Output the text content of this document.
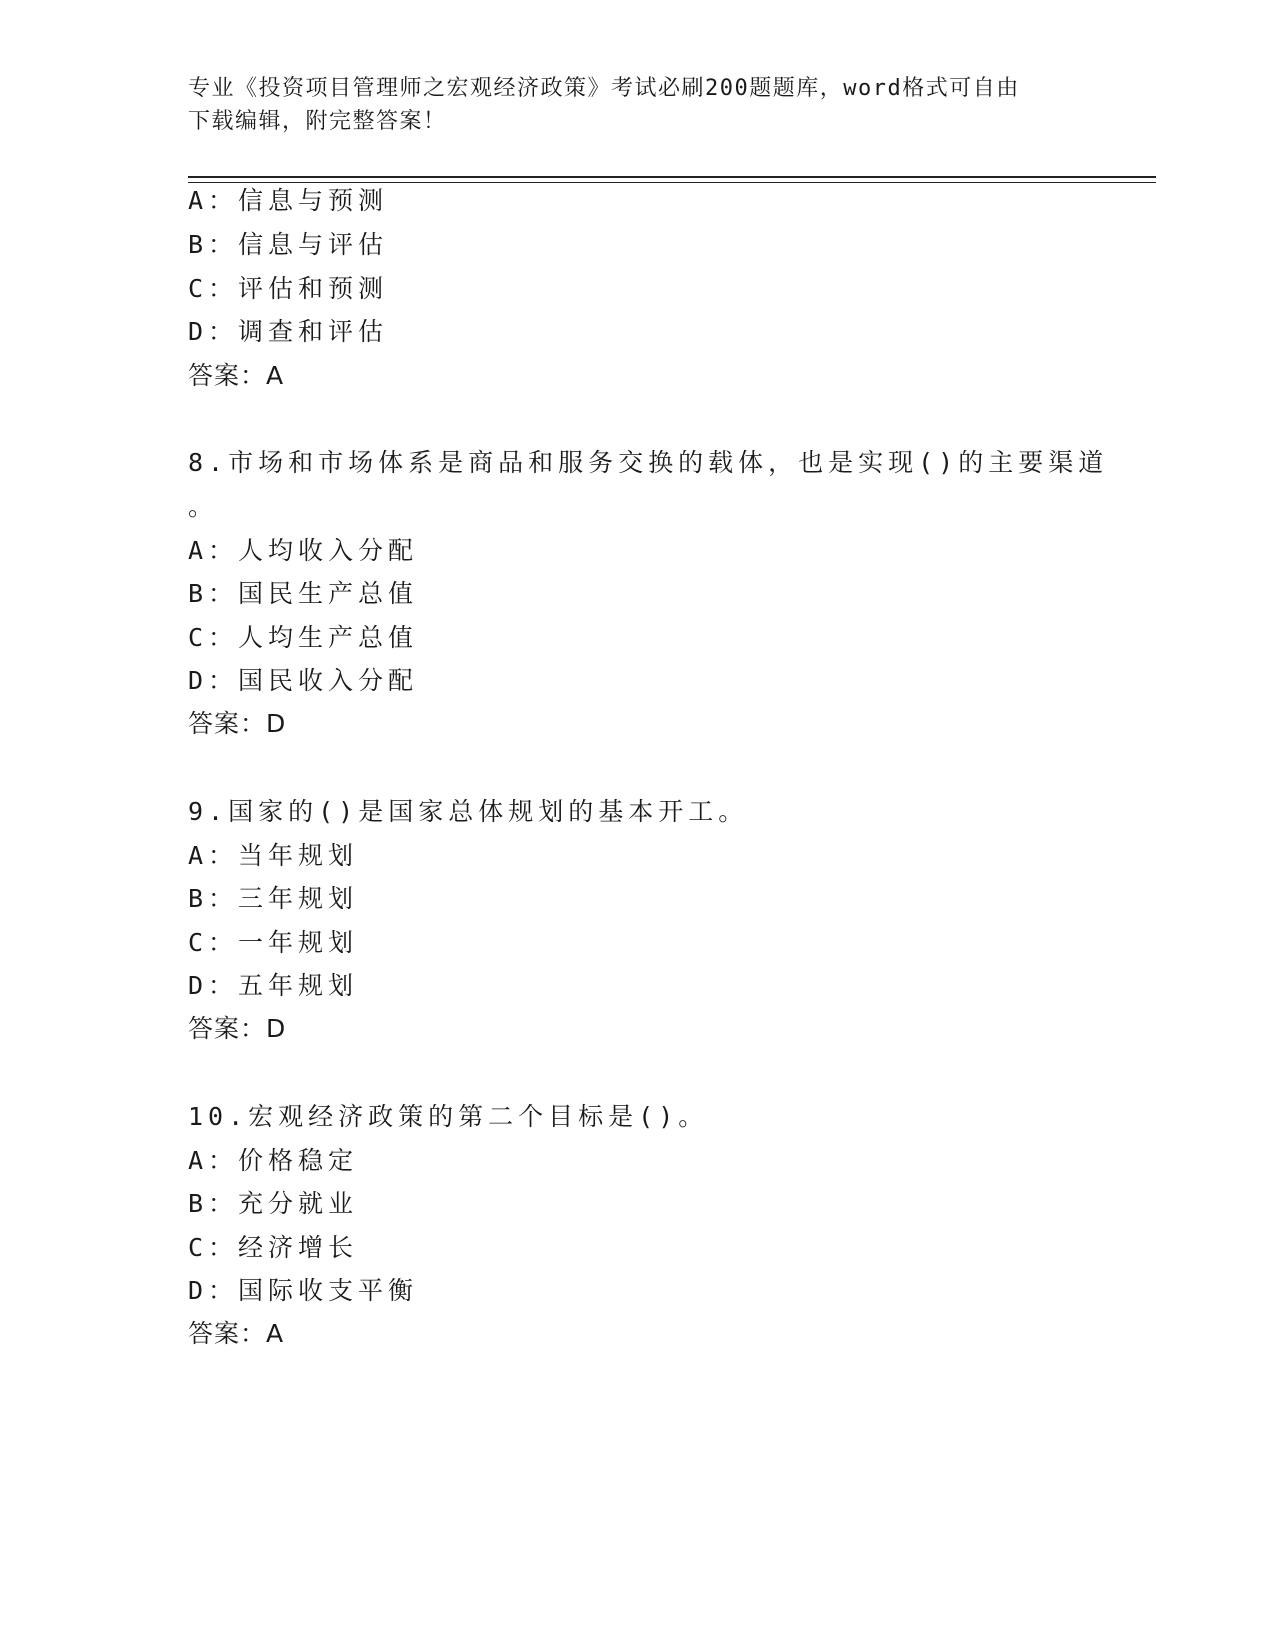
专业《投资项目管理师之宏观经济政策》考试必刷200题题库，word格式可自由
下载编辑，附完整答案！
A：信息与预测
B：信息与评估
C：评估和预测
D：调查和评估
答案：A
8.市场和市场体系是商品和服务交换的载体，也是实现()的主要渠道
。
A：人均收入分配
B：国民生产总值
C：人均生产总值
D：国民收入分配
答案：D
9.国家的()是国家总体规划的基本开工。
A：当年规划
B：三年规划
C：一年规划
D：五年规划
答案：D
10.宏观经济政策的第二个目标是()。
A：价格稳定
B：充分就业
C：经济增长
D：国际收支平衡
答案：A
